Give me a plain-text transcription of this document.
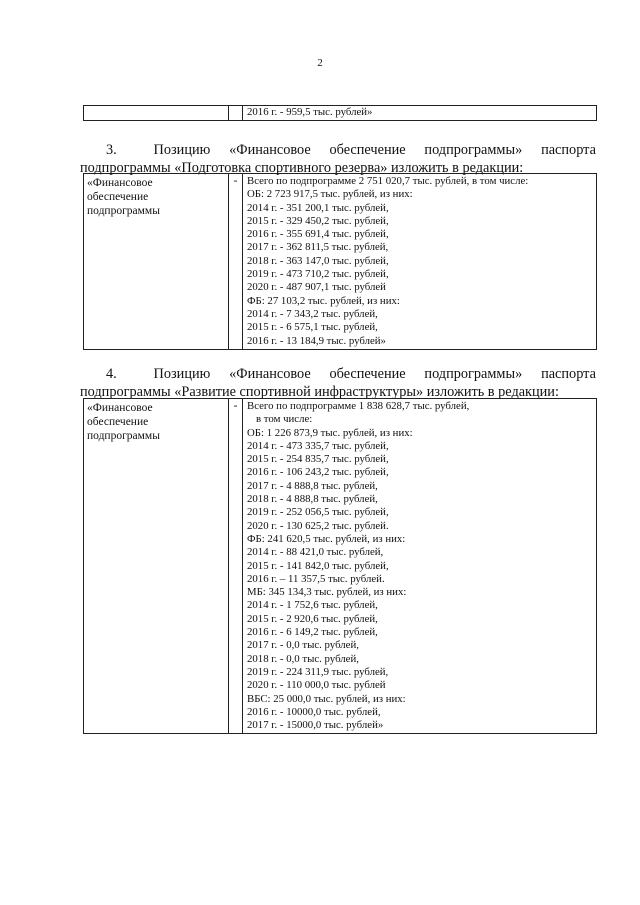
2

2016 г. - 959,5 тыс. рублей»
3.	Позицию «Финансовое обеспечение подпрограммы» паспорта
подпрограммы «Подготовка спортивного резерва» изложить в редакции:
«Финансовое
обеспечение
подпрограммы
	-	Всего по подпрограмме 2 751 020,7 тыс. рублей, в том числе:
ОБ: 2 723 917,5 тыс. рублей, из них:
2014 г. - 351 200,1 тыс. рублей,
2015 г. - 329 450,2 тыс. рублей,
2016 г. - 355 691,4 тыс. рублей,
2017 г. - 362 811,5 тыс. рублей,
2018 г. - 363 147,0 тыс. рублей,
2019 г. - 473 710,2 тыс. рублей,
2020 г. - 487 907,1 тыс. рублей
ФБ: 27 103,2 тыс. рублей, из них:
2014 г. - 7 343,2 тыс. рублей,
2015 г. - 6 575,1 тыс. рублей,
2016 г. - 13 184,9 тыс. рублей»
4.	Позицию «Финансовое обеспечение подпрограммы» паспорта
подпрограммы «Развитие спортивной инфраструктуры» изложить в редакции:
«Финансовое
обеспечение
подпрограммы
	-	Всего по подпрограмме 1 838 628,7 тыс. рублей,
в том числе:
ОБ: 1 226 873,9 тыс. рублей, из них:
2014 г. - 473 335,7 тыс. рублей,
2015 г. - 254 835,7 тыс. рублей,
2016 г. - 106 243,2 тыс. рублей,
2017 г. - 4 888,8 тыс. рублей,
2018 г. - 4 888,8 тыс. рублей,
2019 г. - 252 056,5 тыс. рублей,
2020 г. - 130 625,2 тыс. рублей.
ФБ: 241 620,5 тыс. рублей, из них:
2014 г. - 88 421,0 тыс. рублей,
2015 г. - 141 842,0 тыс. рублей,
2016 г. – 11 357,5 тыс. рублей.
МБ: 345 134,3 тыс. рублей, из них:
2014 г. - 1 752,6 тыс. рублей,
2015 г. - 2 920,6 тыс. рублей,
2016 г. - 6 149,2 тыс. рублей,
2017 г. - 0,0 тыс. рублей,
2018 г. - 0,0 тыс. рублей,
2019 г. - 224 311,9 тыс. рублей,
2020 г. - 110 000,0 тыс. рублей
ВБС: 25 000,0 тыс. рублей, из них:
2016 г. - 10000,0 тыс. рублей,
2017 г. - 15000,0 тыс. рублей»
